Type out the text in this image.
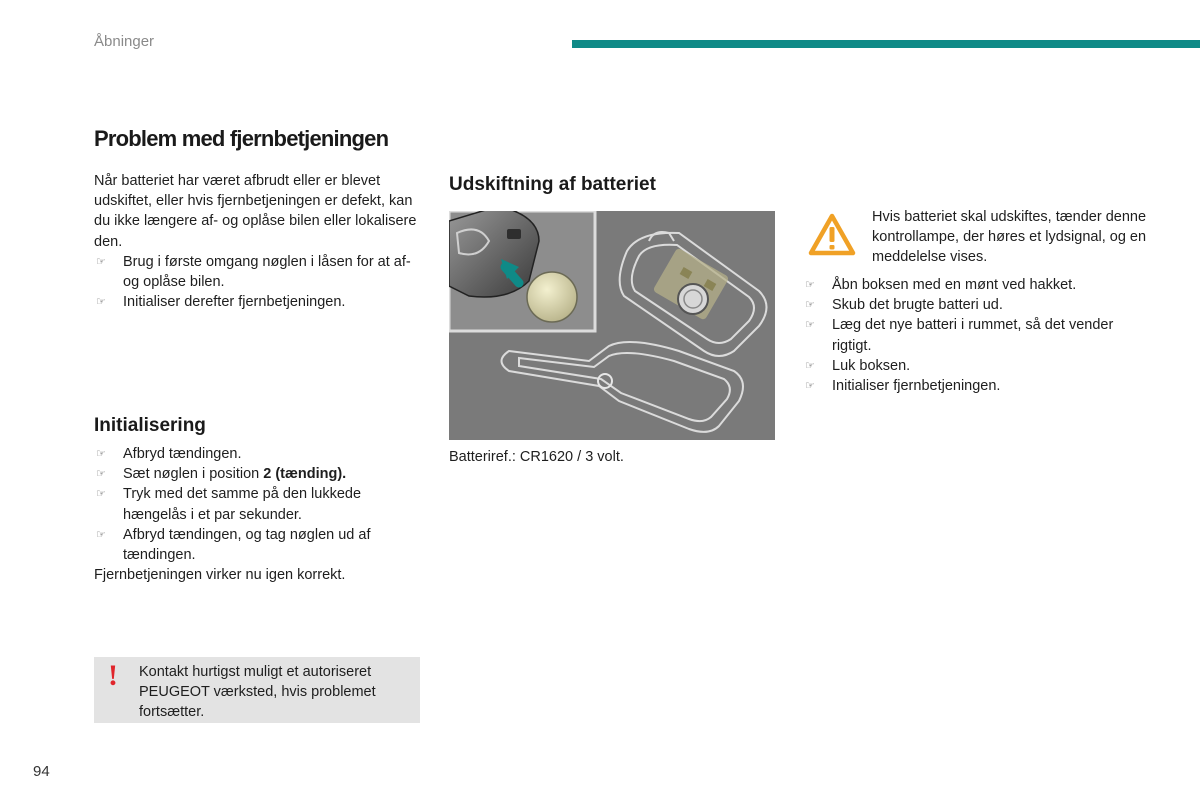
Åbninger
Problem med fjernbetjeningen
Når batteriet har været afbrudt eller er blevet udskiftet, eller hvis fjernbetjeningen er defekt, kan du ikke længere af- og oplåse bilen eller lokalisere den.
☞ Brug i første omgang nøglen i låsen for at af- og oplåse bilen.
☞ Initialiser derefter fjernbetjeningen.
Initialisering
☞ Afbryd tændingen.
☞ Sæt nøglen i position 2 (tænding).
☞ Tryk med det samme på den lukkede hængelås i et par sekunder.
☞ Afbryd tændingen, og tag nøglen ud af tændingen.
Fjernbetjeningen virker nu igen korrekt.
! Kontakt hurtigst muligt et autoriseret PEUGEOT værksted, hvis problemet fortsætter.
Udskiftning af batteriet
Batteriref.: CR1620 / 3 volt.
Hvis batteriet skal udskiftes, tænder denne kontrollampe, der høres et lydsignal, og en meddelelse vises.
☞ Åbn boksen med en mønt ved hakket.
☞ Skub det brugte batteri ud.
☞ Læg det nye batteri i rummet, så det vender rigtigt.
☞ Luk boksen.
☞ Initialiser fjernbetjeningen.
94
